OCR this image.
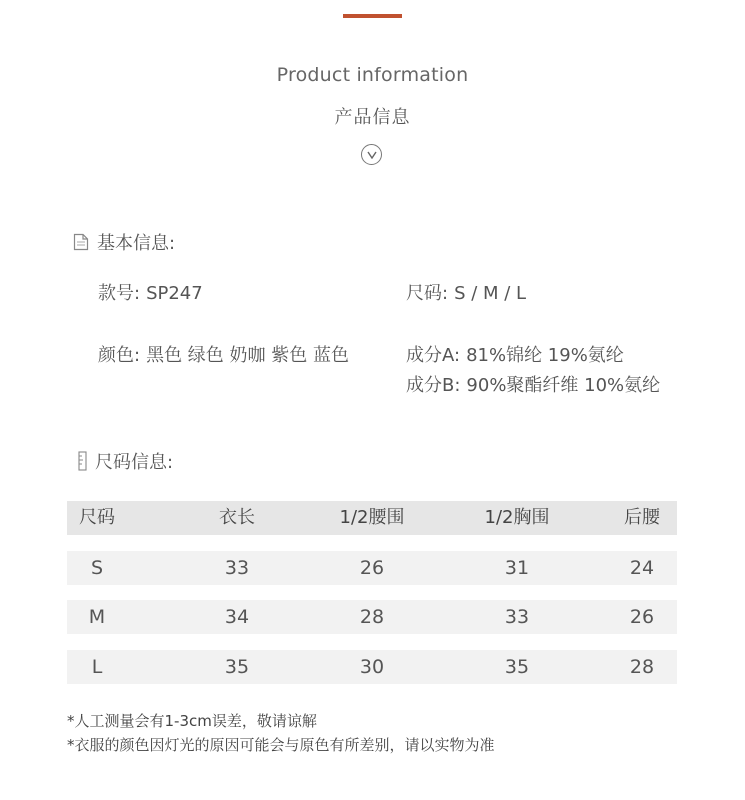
Product information
产品信息
基本信息:
款号: SP247	尺码: S / M / L
颜色: 黑色 绿色 奶咖 紫色 蓝色	成分A: 81%锦纶 19%氨纶
成分B: 90%聚酯纤维 10%氨纶
尺码信息:
尺码	衣长	1/2腰围	1/2胸围	后腰
S	33	26	31	24
M	34	28	33	26
L	35	30	35	28
*人工测量会有1-3cm误差，敬请谅解
*衣服的颜色因灯光的原因可能会与原色有所差别，请以实物为准
